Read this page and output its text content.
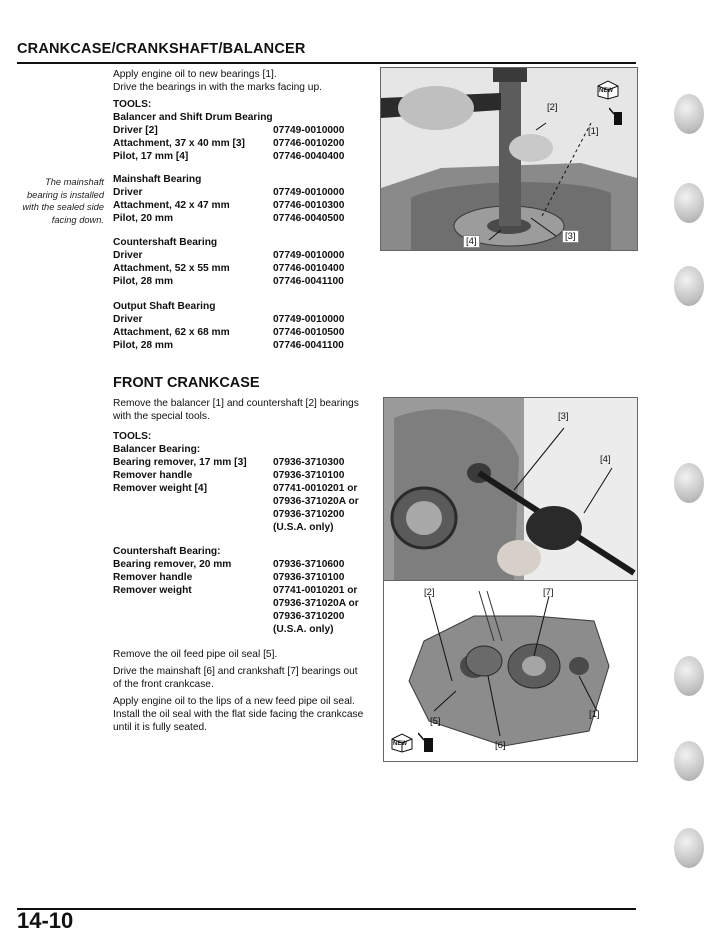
CRANKCASE/CRANKSHAFT/BALANCER
The mainshaft
bearing is installed
with the sealed side
facing down.
Apply engine oil to new bearings [1].
Drive the bearings in with the marks facing up.
TOOLS:
Balancer and Shift Drum Bearing
Driver [2]	07749-0010000
Attachment, 37 x 40 mm [3]	07746-0010200
Pilot, 17 mm [4]	07746-0040400
Mainshaft Bearing
Driver	07749-0010000
Attachment, 42 x 47 mm	07746-0010300
Pilot, 20 mm	07746-0040500
Countershaft Bearing
Driver	07749-0010000
Attachment, 52 x 55 mm	07746-0010400
Pilot, 28 mm	07746-0041100
Output Shaft Bearing
Driver	07749-0010000
Attachment, 62 x 68 mm	07746-0010500
Pilot, 28 mm	07746-0041100
[2]
[1]
[4]	[3]
NEW
FRONT CRANKCASE
Remove the balancer [1] and countershaft [2] bearings
with the special tools.
TOOLS:
Balancer Bearing:
Bearing remover, 17 mm [3]	07936-3710300
Remover handle	07936-3710100
Remover weight [4]	07741-0010201 or
07936-371020A or
07936-3710200
(U.S.A. only)
Countershaft Bearing:
Bearing remover, 20 mm	07936-3710600
Remover handle	07936-3710100
Remover weight	07741-0010201 or
07936-371020A or
07936-3710200
(U.S.A. only)
Remove the oil feed pipe oil seal [5].
Drive the mainshaft [6] and crankshaft [7] bearings out
of the front crankcase.
Apply engine oil to the lips of a new feed pipe oil seal.
Install the oil seal with the flat side facing the crankcase
until it is fully seated.
[3]
[4]
[2]	[7]
[5]
[1]
[6]
NEW
14-10
